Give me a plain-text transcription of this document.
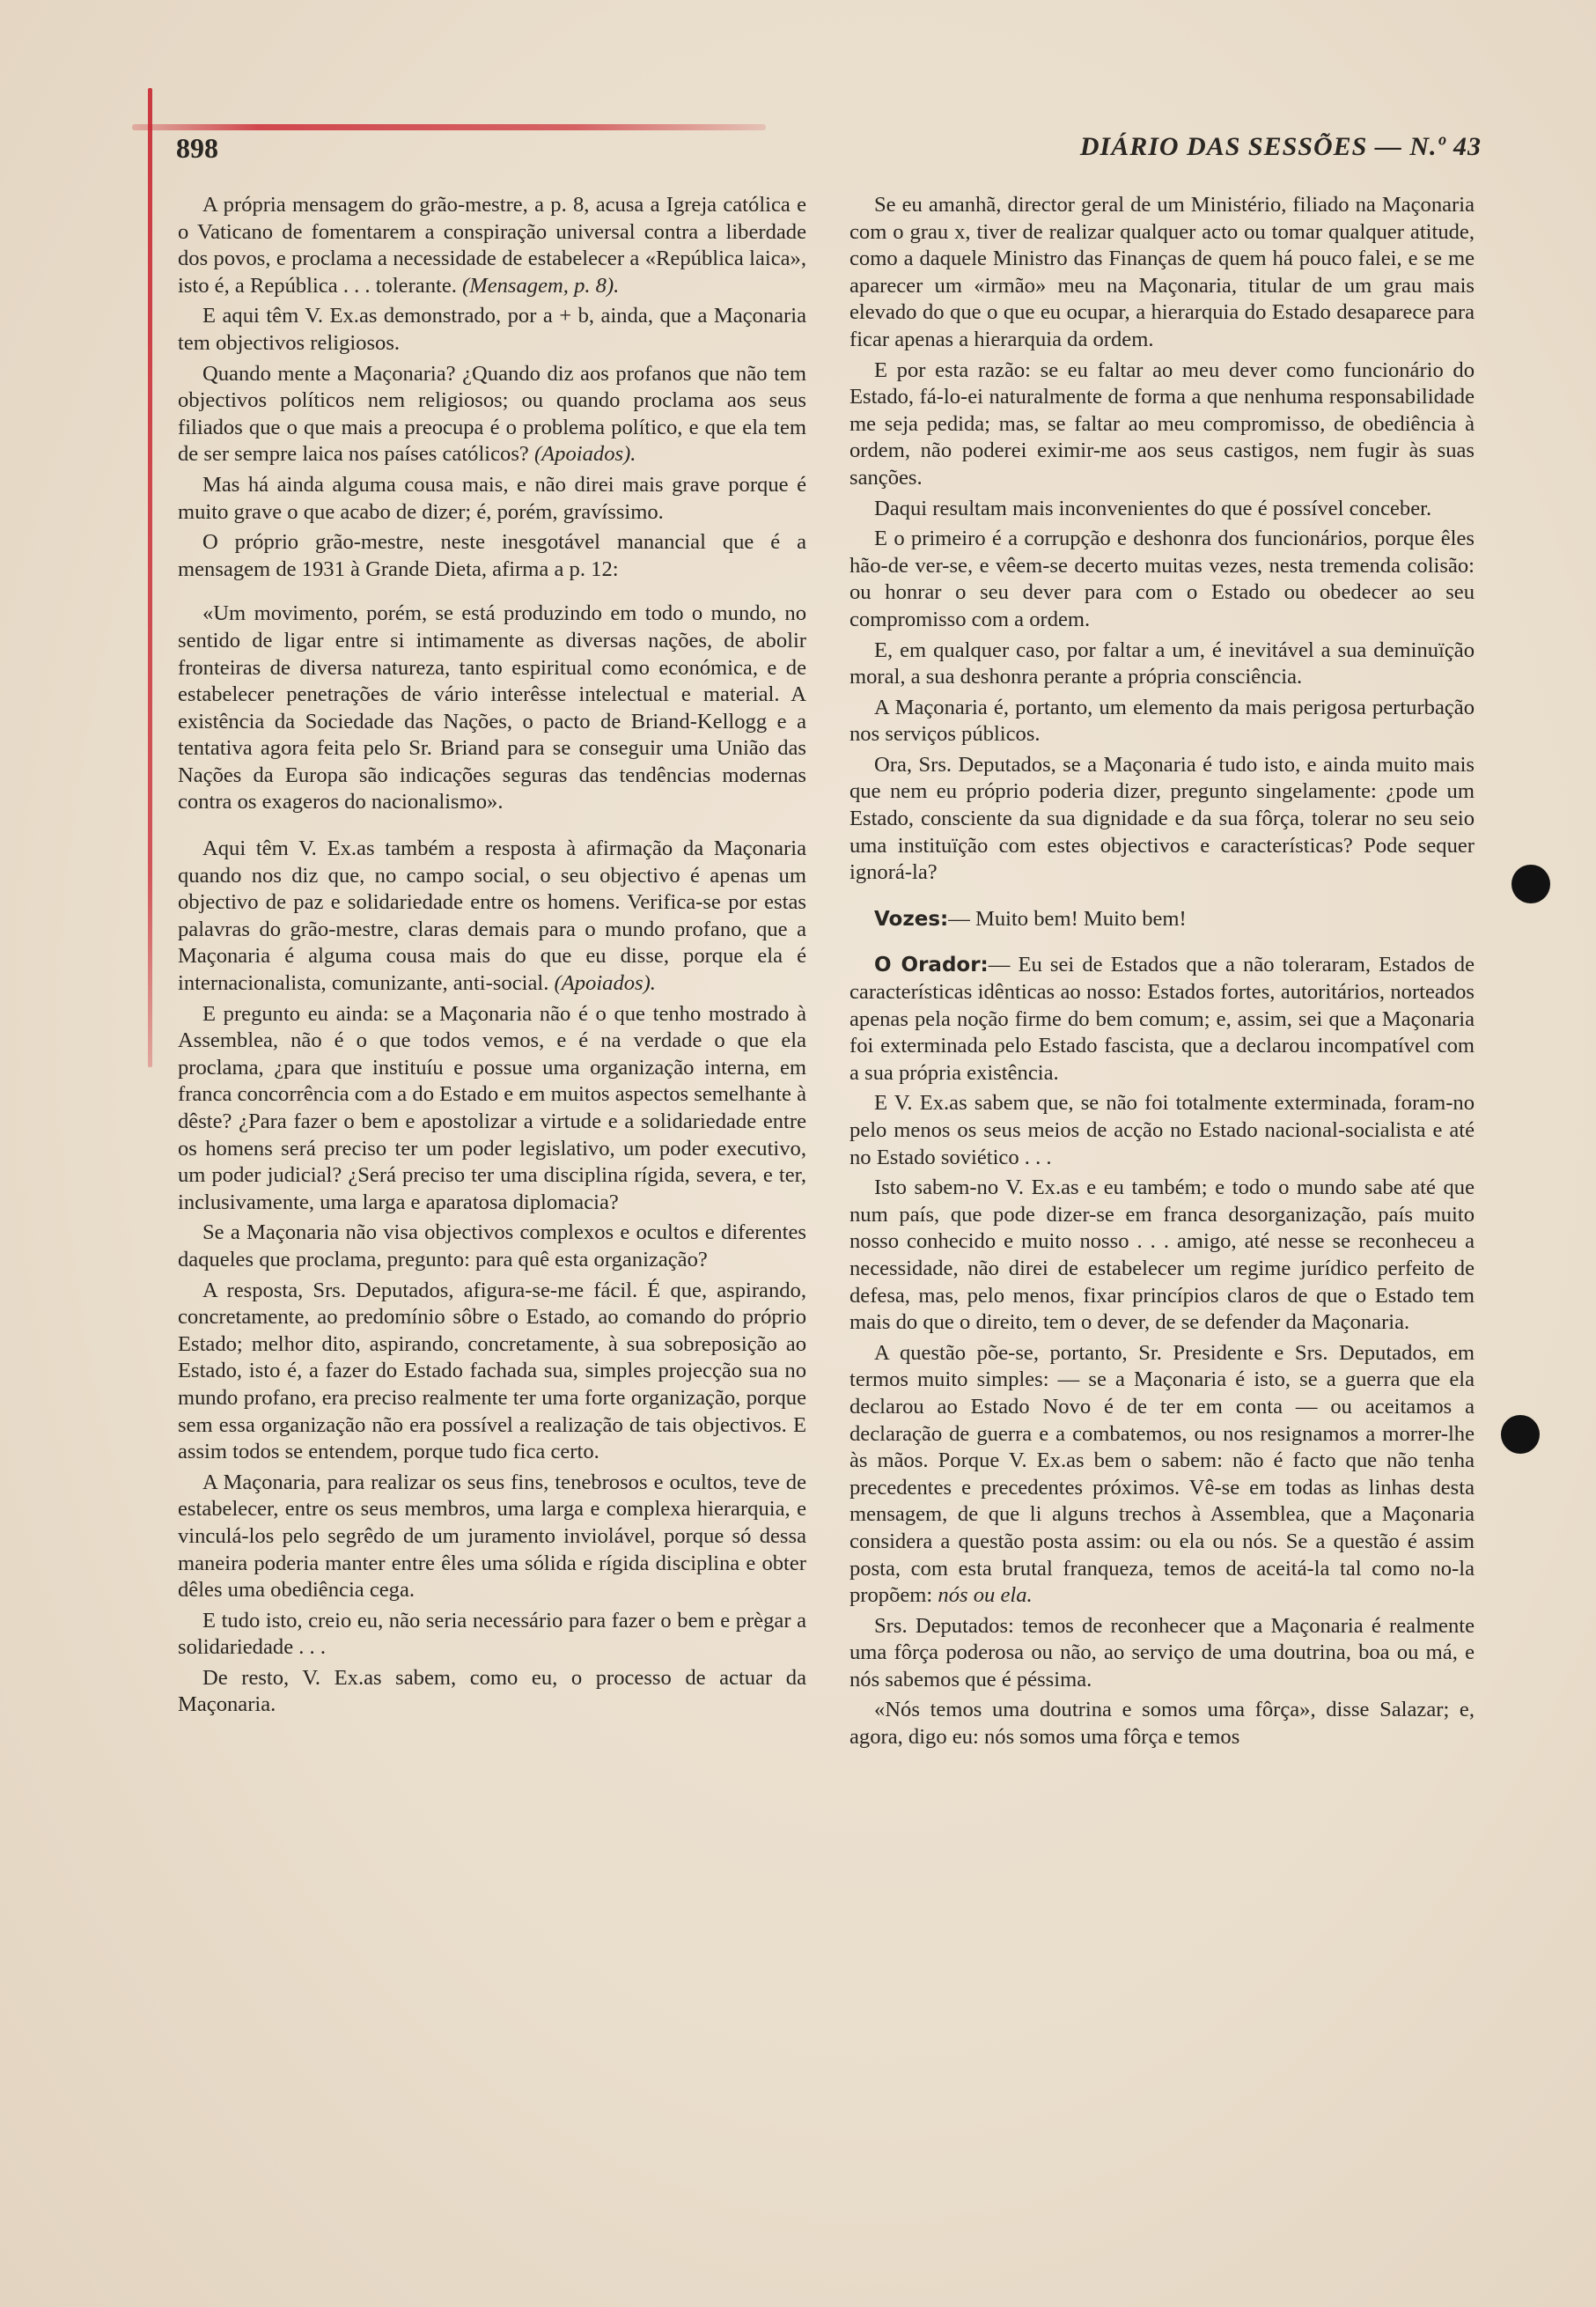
898	DIÁRIO DAS SESSÕES — N.º 43

A própria mensagem do grão-mestre, a p. 8, acusa a Igreja católica e o Vaticano de fomentarem a conspiração universal contra a liberdade dos povos, e proclama a necessidade de estabelecer a «República laica», isto é, a República . . . tolerante. (Mensagem, p. 8).

E aqui têm V. Ex.as demonstrado, por a + b, ainda, que a Maçonaria tem objectivos religiosos.

Quando mente a Maçonaria? ¿Quando diz aos profanos que não tem objectivos políticos nem religiosos; ou quando proclama aos seus filiados que o que mais a preocupa é o problema político, e que ela tem de ser sempre laica nos países católicos? (Apoiados).

Mas há ainda alguma cousa mais, e não direi mais grave porque é muito grave o que acabo de dizer; é, porém, gravíssimo.

O próprio grão-mestre, neste inesgotável manancial que é a mensagem de 1931 à Grande Dieta, afirma a p. 12:

«Um movimento, porém, se está produzindo em todo o mundo, no sentido de ligar entre si intimamente as diversas nações, de abolir fronteiras de diversa natureza, tanto espiritual como económica, e de estabelecer penetrações de vário interêsse intelectual e material. A existência da Sociedade das Nações, o pacto de Briand-Kellogg e a tentativa agora feita pelo Sr. Briand para se conseguir uma União das Nações da Europa são indicações seguras das tendências modernas contra os exageros do nacionalismo».

Aqui têm V. Ex.as também a resposta à afirmação da Maçonaria quando nos diz que, no campo social, o seu objectivo é apenas um objectivo de paz e solidariedade entre os homens. Verifica-se por estas palavras do grão-mestre, claras demais para o mundo profano, que a Maçonaria é alguma cousa mais do que eu disse, porque ela é internacionalista, comunizante, anti-social. (Apoiados).

E pregunto eu ainda: se a Maçonaria não é o que tenho mostrado à Assemblea, não é o que todos vemos, e é na verdade o que ela proclama, ¿para que instituíu e possue uma organização interna, em franca concorrência com a do Estado e em muitos aspectos semelhante à dêste? ¿Para fazer o bem e apostolizar a virtude e a solidariedade entre os homens será preciso ter um poder legislativo, um poder executivo, um poder judicial? ¿Será preciso ter uma disciplina rígida, severa, e ter, inclusivamente, uma larga e aparatosa diplomacia?

Se a Maçonaria não visa objectivos complexos e ocultos e diferentes daqueles que proclama, pregunto: para quê esta organização?

A resposta, Srs. Deputados, afigura-se-me fácil. É que, aspirando, concretamente, ao predomínio sôbre o Estado, ao comando do próprio Estado; melhor dito, aspirando, concretamente, à sua sobreposição ao Estado, isto é, a fazer do Estado fachada sua, simples projecção sua no mundo profano, era preciso realmente ter uma forte organização, porque sem essa organização não era possível a realização de tais objectivos. E assim todos se entendem, porque tudo fica certo.

A Maçonaria, para realizar os seus fins, tenebrosos e ocultos, teve de estabelecer, entre os seus membros, uma larga e complexa hierarquia, e vinculá-los pelo segrêdo de um juramento inviolável, porque só dessa maneira poderia manter entre êles uma sólida e rígida disciplina e obter dêles uma obediência cega.

E tudo isto, creio eu, não seria necessário para fazer o bem e prègar a solidariedade . . .

De resto, V. Ex.as sabem, como eu, o processo de actuar da Maçonaria.

Se eu amanhã, director geral de um Ministério, filiado na Maçonaria com o grau x, tiver de realizar qualquer acto ou tomar qualquer atitude, como a daquele Ministro das Finanças de quem há pouco falei, e se me aparecer um «irmão» meu na Maçonaria, titular de um grau mais elevado do que o que eu ocupar, a hierarquia do Estado desaparece para ficar apenas a hierarquia da ordem.

E por esta razão: se eu faltar ao meu dever como funcionário do Estado, fá-lo-ei naturalmente de forma a que nenhuma responsabilidade me seja pedida; mas, se faltar ao meu compromisso, de obediência à ordem, não poderei eximir-me aos seus castigos, nem fugir às suas sanções.

Daqui resultam mais inconvenientes do que é possível conceber.

E o primeiro é a corrupção e deshonra dos funcionários, porque êles hão-de ver-se, e vêem-se decerto muitas vezes, nesta tremenda colisão: ou honrar o seu dever para com o Estado ou obedecer ao seu compromisso com a ordem.

E, em qualquer caso, por faltar a um, é inevitável a sua deminuïção moral, a sua deshonra perante a própria consciência.

A Maçonaria é, portanto, um elemento da mais perigosa perturbação nos serviços públicos.

Ora, Srs. Deputados, se a Maçonaria é tudo isto, e ainda muito mais que nem eu próprio poderia dizer, pregunto singelamente: ¿pode um Estado, consciente da sua dignidade e da sua fôrça, tolerar no seu seio uma instituïção com estes objectivos e características? Pode sequer ignorá-la?

Vozes:— Muito bem! Muito bem!

O Orador:— Eu sei de Estados que a não toleraram, Estados de características idênticas ao nosso: Estados fortes, autoritários, norteados apenas pela noção firme do bem comum; e, assim, sei que a Maçonaria foi exterminada pelo Estado fascista, que a declarou incompatível com a sua própria existência.

E V. Ex.as sabem que, se não foi totalmente exterminada, foram-no pelo menos os seus meios de acção no Estado nacional-socialista e até no Estado soviético . . .

Isto sabem-no V. Ex.as e eu também; e todo o mundo sabe até que num país, que pode dizer-se em franca desorganização, país muito nosso conhecido e muito nosso . . . amigo, até nesse se reconheceu a necessidade, não direi de estabelecer um regime jurídico perfeito de defesa, mas, pelo menos, fixar princípios claros de que o Estado tem mais do que o direito, tem o dever, de se defender da Maçonaria.

A questão põe-se, portanto, Sr. Presidente e Srs. Deputados, em termos muito simples: — se a Maçonaria é isto, se a guerra que ela declarou ao Estado Novo é de ter em conta — ou aceitamos a declaração de guerra e a combatemos, ou nos resignamos a morrer-lhe às mãos. Porque V. Ex.as bem o sabem: não é facto que não tenha precedentes e precedentes próximos. Vê-se em todas as linhas desta mensagem, de que li alguns trechos à Assemblea, que a Maçonaria considera a questão posta assim: ou ela ou nós. Se a questão é assim posta, com esta brutal franqueza, temos de aceitá-la tal como no-la propõem: nós ou ela.

Srs. Deputados: temos de reconhecer que a Maçonaria é realmente uma fôrça poderosa ou não, ao serviço de uma doutrina, boa ou má, e nós sabemos que é péssima.

«Nós temos uma doutrina e somos uma fôrça», disse Salazar; e, agora, digo eu: nós somos uma fôrça e temos
